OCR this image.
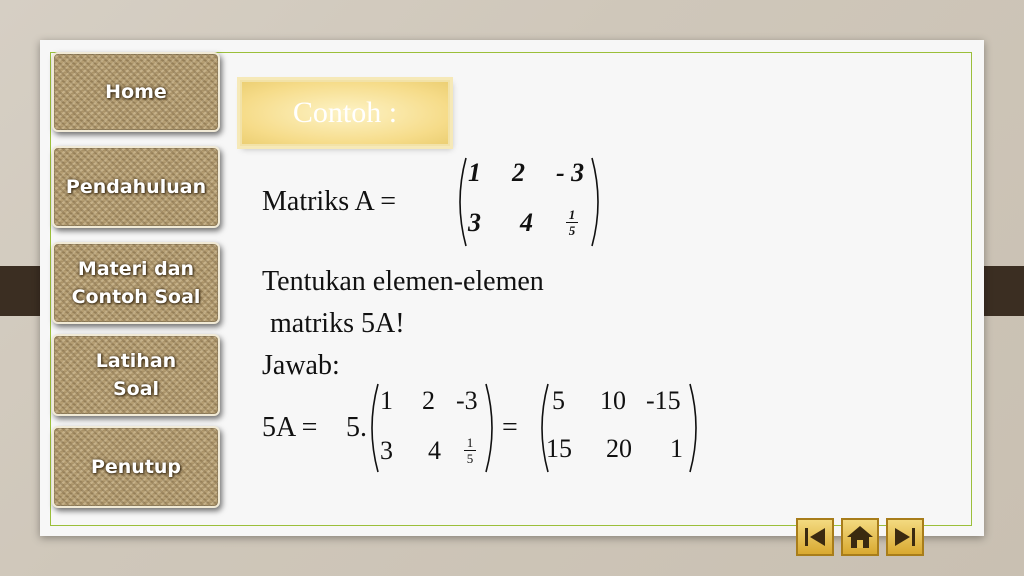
Home
Pendahuluan
Materi dan
Contoh Soal
Latihan
Soal
Penutup
Contoh :
Matriks A =
1 2 - 3
3 4	1
5
Tentukan elemen-elemen
matriks 5A!
Jawab:
5A = 5.
1 2 -3
3 4 1
5
=
5 10 -15
15 20 1
